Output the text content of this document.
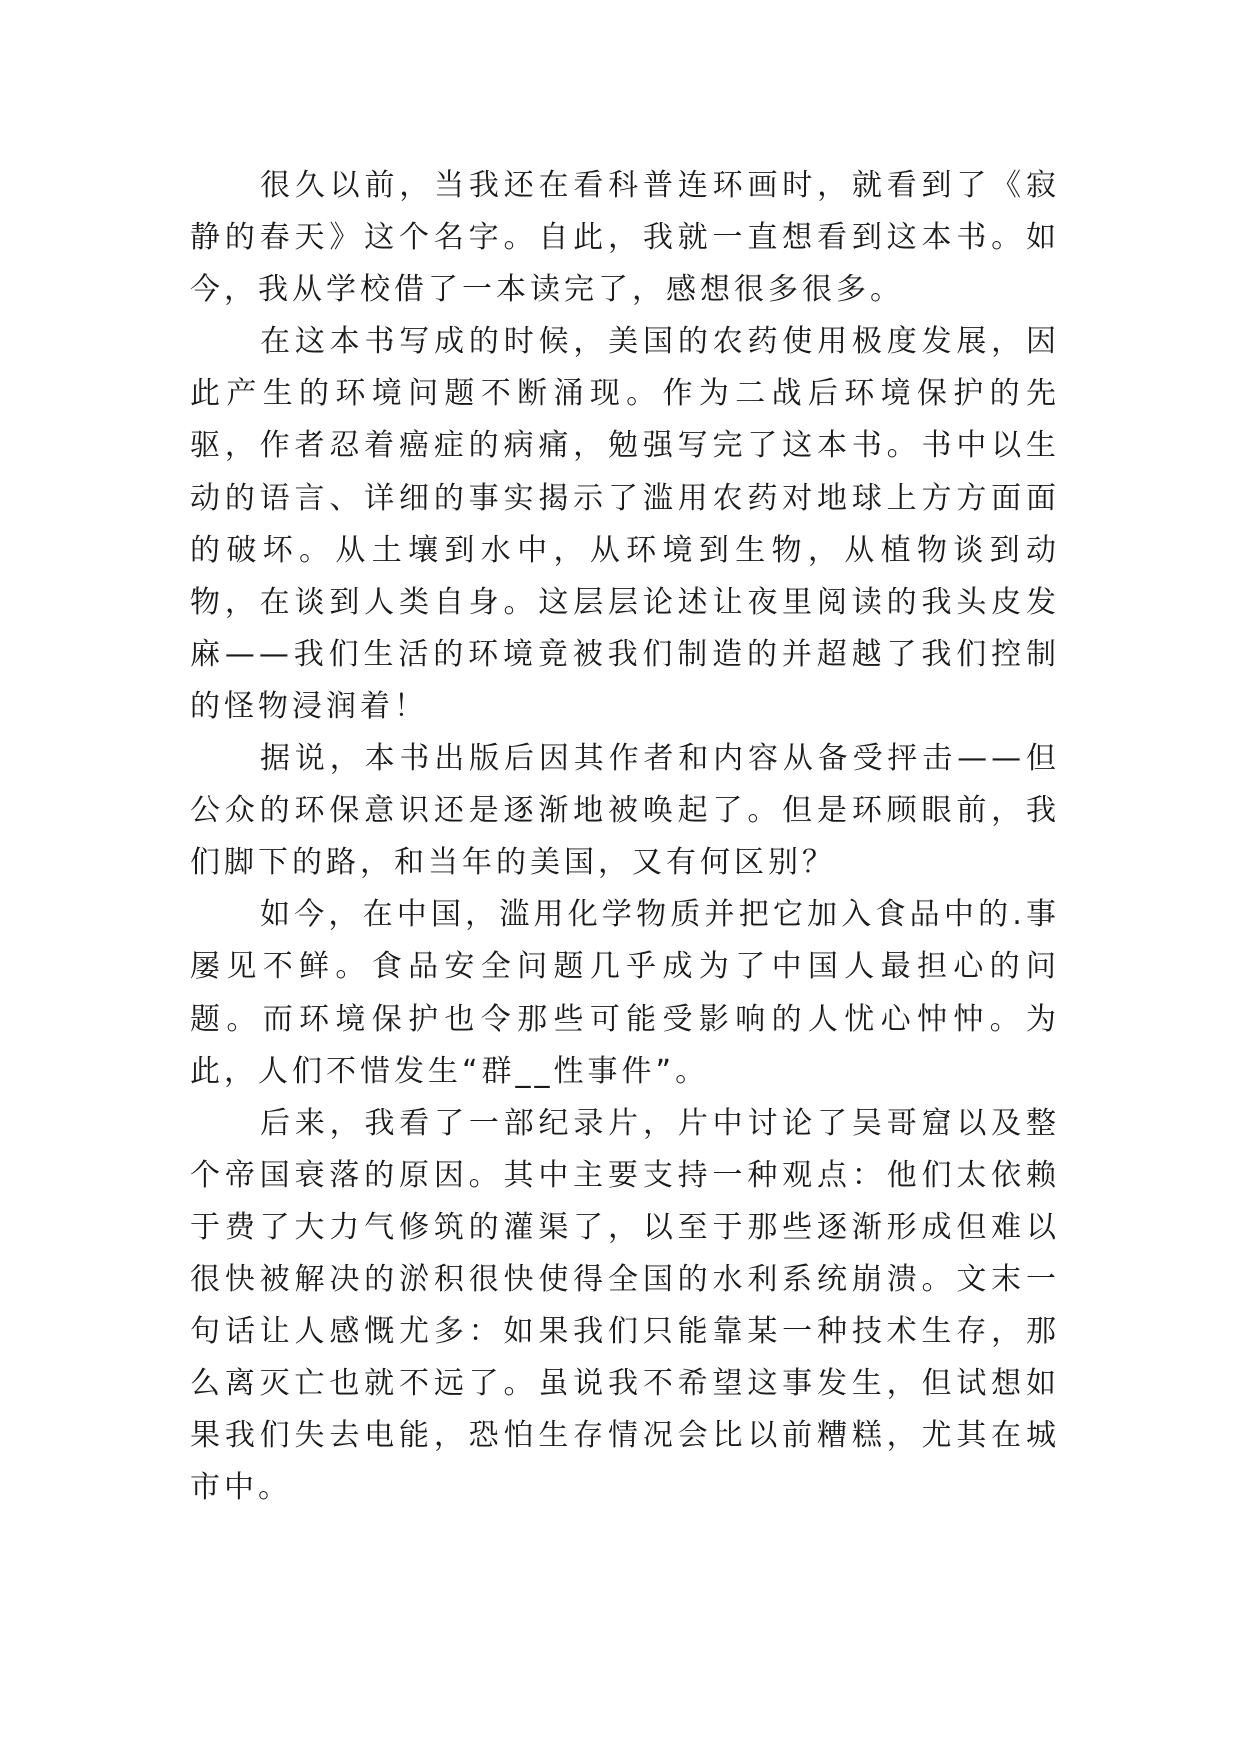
很久以前，当我还在看科普连环画时，就看到了《寂静的春天》这个名字。自此，我就一直想看到这本书。如今，我从学校借了一本读完了，感想很多很多。

在这本书写成的时候，美国的农药使用极度发展，因此产生的环境问题不断涌现。作为二战后环境保护的先驱，作者忍着癌症的病痛，勉强写完了这本书。书中以生动的语言、详细的事实揭示了滥用农药对地球上方方面面的破坏。从土壤到水中，从环境到生物，从植物谈到动物，在谈到人类自身。这层层论述让夜里阅读的我头皮发麻——我们生活的环境竟被我们制造的并超越了我们控制的怪物浸润着！

据说，本书出版后因其作者和内容从备受抨击——但公众的环保意识还是逐渐地被唤起了。但是环顾眼前，我们脚下的路，和当年的美国，又有何区别？

如今，在中国，滥用化学物质并把它加入食品中的.事屡见不鲜。食品安全问题几乎成为了中国人最担心的问题。而环境保护也令那些可能受影响的人忧心忡忡。为此，人们不惜发生“群__性事件”。

后来，我看了一部纪录片，片中讨论了吴哥窟以及整个帝国衰落的原因。其中主要支持一种观点：他们太依赖于费了大力气修筑的灌渠了，以至于那些逐渐形成但难以很快被解决的淤积很快使得全国的水利系统崩溃。文末一句话让人感慨尤多：如果我们只能靠某一种技术生存，那么离灭亡也就不远了。虽说我不希望这事发生，但试想如果我们失去电能，恐怕生存情况会比以前糟糕，尤其在城市中。
